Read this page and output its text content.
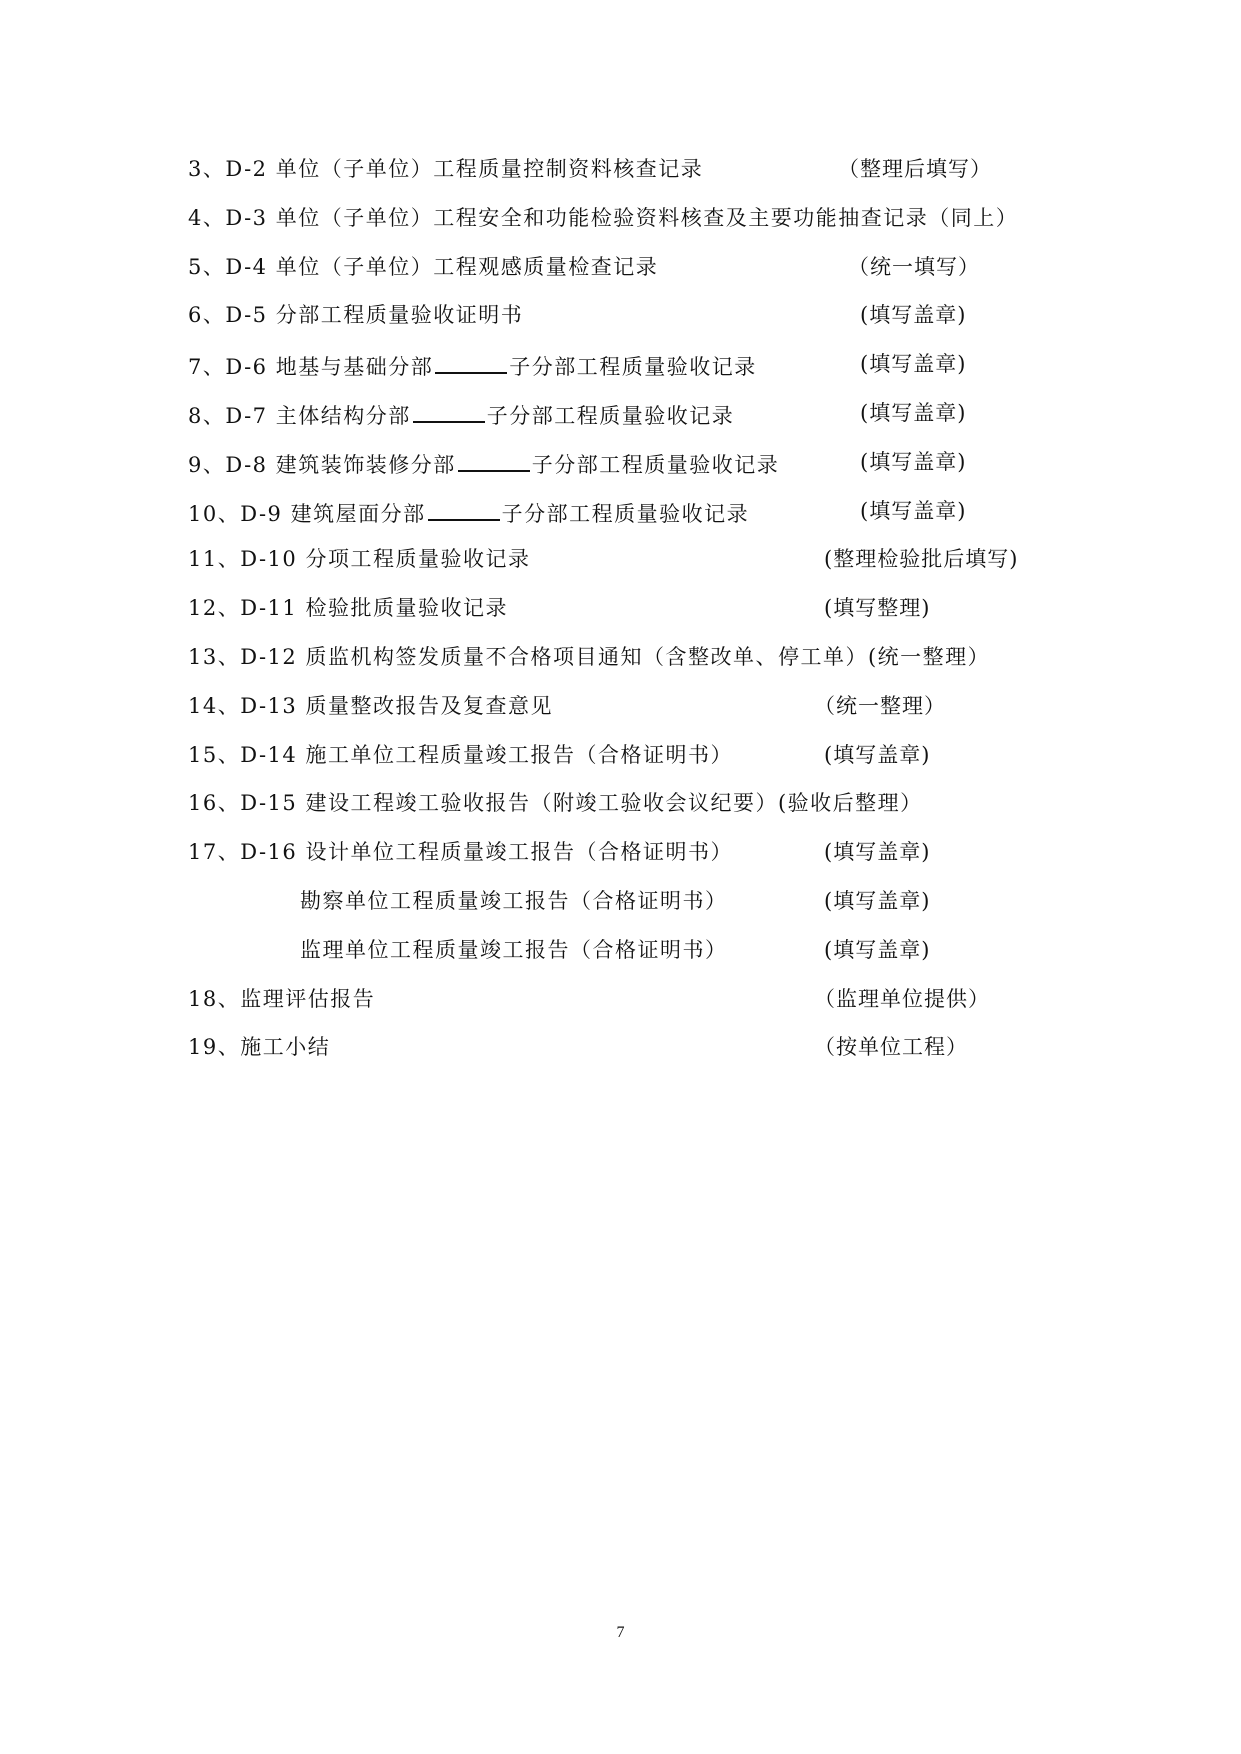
3、D-2 单位（子单位）工程质量控制资料核查记录	（整理后填写）
4、D-3 单位（子单位）工程安全和功能检验资料核查及主要功能抽查记录（同上）
5、D-4 单位（子单位）工程观感质量检查记录	（统一填写）
6、D-5 分部工程质量验收证明书	(填写盖章)
7、D-6 地基与基础分部	子分部工程质量验收记录	(填写盖章)
8、D-7 主体结构分部	子分部工程质量验收记录	(填写盖章)
9、D-8 建筑装饰装修分部	子分部工程质量验收记录	(填写盖章)
10、D-9 建筑屋面分部	子分部工程质量验收记录	(填写盖章)
11、D-10 分项工程质量验收记录	(整理检验批后填写)
12、D-11 检验批质量验收记录	(填写整理)
13、D-12 质监机构签发质量不合格项目通知（含整改单、停工单）(统一整理）
14、D-13 质量整改报告及复查意见	（统一整理）
15、D-14 施工单位工程质量竣工报告（合格证明书）	(填写盖章)
16、D-15 建设工程竣工验收报告（附竣工验收会议纪要）(验收后整理）
17、D-16 设计单位工程质量竣工报告（合格证明书）	(填写盖章)
勘察单位工程质量竣工报告（合格证明书）	(填写盖章)
监理单位工程质量竣工报告（合格证明书）	(填写盖章)
18、监理评估报告	（监理单位提供）
19、施工小结	（按单位工程）
7
